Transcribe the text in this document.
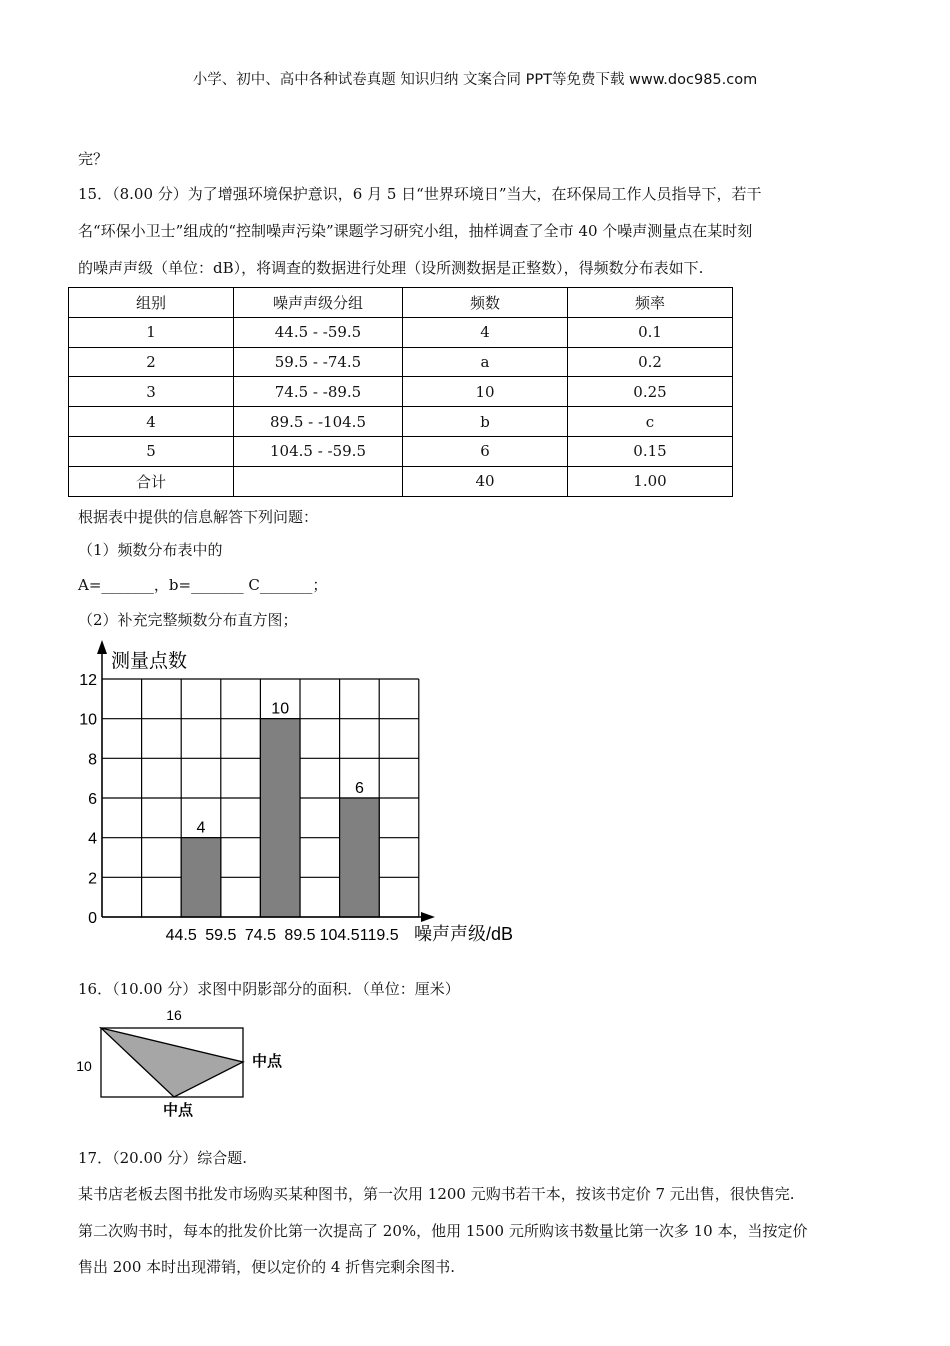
小学、初中、高中各种试卷真题 知识归纳 文案合同 PPT等免费下载 www.doc985.com
完？
15．（8.00 分）为了增强环境保护意识，6 月 5 日“世界环境日”当大，在环保局工作人员指导下，若干
名“环保小卫士”组成的“控制噪声污染”课题学习研究小组，抽样调查了全市 40 个噪声测量点在某时刻
的噪声声级（单位：dB），将调查的数据进行处理（设所测数据是正整数），得频数分布表如下.
组别	噪声声级分组	频数	频率
1	44.5 - -59.5	4	0.1
2	59.5 - -74.5	a	0.2
3	74.5 - -89.5	10	0.25
4	89.5 - -104.5	b	c
5	104.5 - -59.5	6	0.15
合计		40	1.00
根据表中提供的信息解答下列问题：
（1）频数分布表中的
A=_______，b=_______ C_______；
（2）补充完整频数分布直方图；
4
10
6
0
2
4
6
8
10
12
44.5 59.5 74.5 89.5 104.5 119.5
测量点数
噪声声级/dB
16．（10.00 分）求图中阴影部分的面积．（单位：厘米）
16
10	中点
中点
17．（20.00 分）综合题.
某书店老板去图书批发市场购买某种图书，第一次用 1200 元购书若干本，按该书定价 7 元出售，很快售完.
第二次购书时，每本的批发价比第一次提高了 20%，他用 1500 元所购该书数量比第一次多 10 本，当按定价
售出 200 本时出现滞销，便以定价的 4 折售完剩余图书.
